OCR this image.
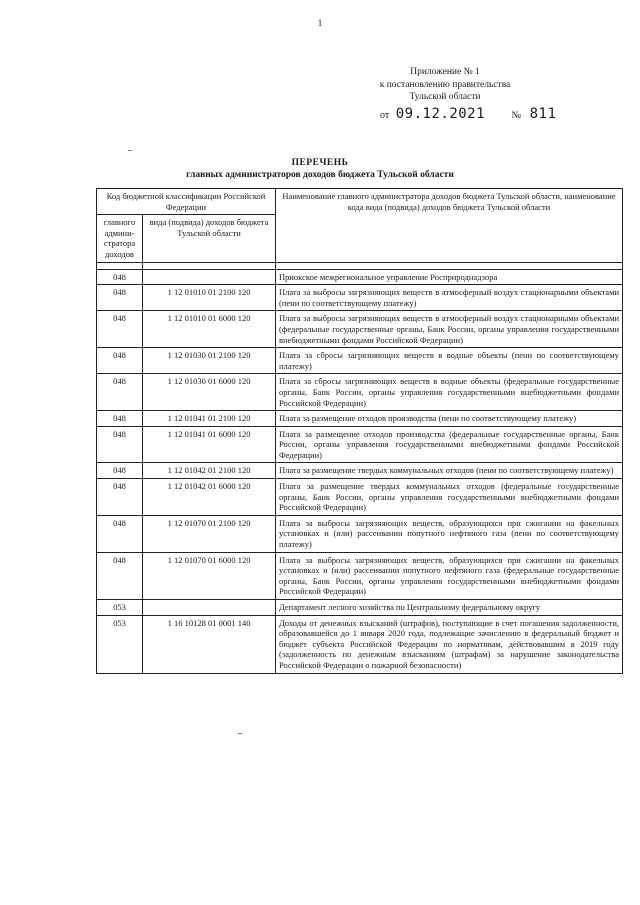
1
Приложение № 1
к постановлению правительства
Тульской области
от 09.12.2021	№ 811
ПЕРЕЧЕНЬ
главных администраторов доходов бюджета Тульской области
Код бюджетной классификации Российской Федерации		Наименование главного администратора доходов бюджета Тульской области, наименование кода вида (подвида) доходов бюджета Тульской области
главного админи-стратора доходов	вида (подвида) доходов бюджета Тульской области	

048		Приокское межрегиональное управление Росприроднадзора
048	1 12 01010 01 2100 120	Плата за выбросы загрязняющих веществ в атмосферный воздух стационарными объектами (пени по соответствующему платежу)
048	1 12 01010 01 6000 120	Плата за выбросы загрязняющих веществ в атмосферный воздух стационарными объектами (федеральные государственные органы, Банк России, органы управления государственными внебюджетными фондами Российской Федерации)
048	1 12 01030 01 2100 120	Плата за сбросы загрязняющих веществ в водные объекты (пени по соответствующему платежу)
048	1 12 01030 01 6000 120	Плата за сбросы загрязняющих веществ в водные объекты (федеральные государственные органы, Банк России, органы управления государственными внебюджетными фондами Российской Федерации)
048	1 12 01041 01 2100 120	Плата за размещение отходов производства (пени по соответствующему платежу)
048	1 12 01041 01 6000 120	Плата за размещение отходов производства (федеральные государственные органы, Банк России, органы управления государственными внебюджетными фондами Российской Федерации)
048	1 12 01042 01 2100 120	Плата за размещение твердых коммунальных отходов (пени по соответствующему платежу)
048	1 12 01042 01 6000 120	Плата за размещение твердых коммунальных отходов (федеральные государственные органы, Банк России, органы управления государственными внебюджетными фондами Российской Федерации)
048	1 12 01070 01 2100 120	Плата за выбросы загрязняющих веществ, образующихся при сжигании на факельных установках и (или) рассеивании попутного нефтяного газа (пени по соответствующему платежу)
048	1 12 01070 01 6000 120	Плата за выбросы загрязняющих веществ, образующихся при сжигании на факельных установках и (или) рассеивании попутного нефтяного газа (федеральные государственные органы, Банк России, органы управления государственными внебюджетными фондами Российской Федерации)
053		Департамент лесного хозяйства по Центральному федеральному округу
053	1 16 10128 01 0001 140	Доходы от денежных взысканий (штрафов), поступающие в счет погашения задолженности, образовавшейся до 1 января 2020 года, подлежащие зачислению в федеральный бюджет и бюджет субъекта Российской Федерации по нормативам, действовавшим в 2019 году (задолженность по денежным взысканиям (штрафам) за нарушение законодательства Российской Федерации о пожарной безопасности)
